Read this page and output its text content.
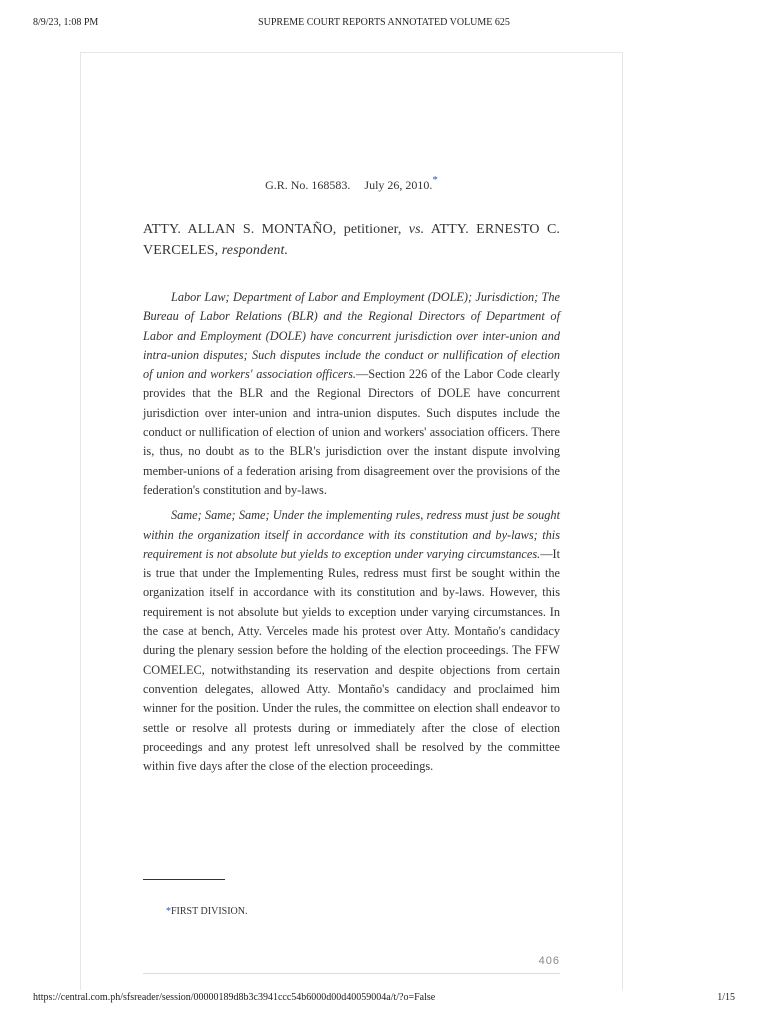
8/9/23, 1:08 PM	SUPREME COURT REPORTS ANNOTATED VOLUME 625
G.R. No. 168583. July 26, 2010.*
ATTY. ALLAN S. MONTAÑO, petitioner, vs. ATTY. ERNESTO C. VERCELES, respondent.

Labor Law; Department of Labor and Employment (DOLE); Jurisdiction; The Bureau of Labor Relations (BLR) and the Regional Directors of Department of Labor and Employment (DOLE) have concurrent jurisdiction over inter-union and intra-union disputes; Such disputes include the conduct or nullification of election of union and workers' association officers.—Section 226 of the Labor Code clearly provides that the BLR and the Regional Directors of DOLE have concurrent jurisdiction over inter-union and intra-union disputes. Such disputes include the conduct or nullification of election of union and workers' association officers. There is, thus, no doubt as to the BLR's jurisdiction over the instant dispute involving member-unions of a federation arising from disagreement over the provisions of the federation's constitution and by-laws.

Same; Same; Same; Under the implementing rules, redress must just be sought within the organization itself in accordance with its constitution and by-laws; this requirement is not absolute but yields to exception under varying circumstances.—It is true that under the Implementing Rules, redress must first be sought within the organization itself in accordance with its constitution and by-laws. However, this requirement is not absolute but yields to exception under varying circumstances. In the case at bench, Atty. Verceles made his protest over Atty. Montaño's candidacy during the plenary session before the holding of the election proceedings. The FFW COMELEC, notwithstanding its reservation and despite objections from certain convention delegates, allowed Atty. Montaño's candidacy and proclaimed him winner for the position. Under the rules, the committee on election shall endeavor to settle or resolve all protests during or immediately after the close of election proceedings and any protest left unresolved shall be resolved by the committee within five days after the close of the election proceedings.

*FIRST DIVISION.
406
https://central.com.ph/sfsreader/session/00000189d8b3c3941ccc54b6000d00d40059004a/t/?o=False	1/15
